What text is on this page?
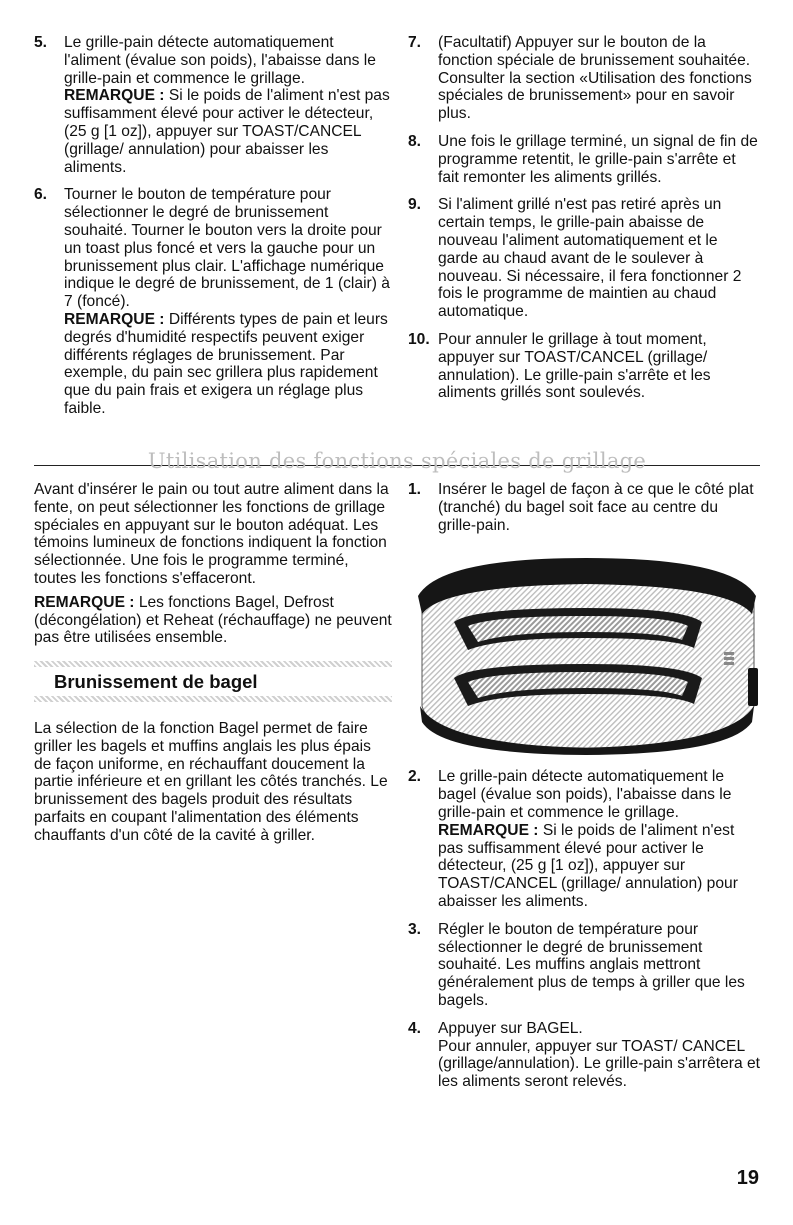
5.	Le grille-pain détecte automatiquement l'aliment (évalue son poids), l'abaisse dans le grille-pain et commence le grillage.

REMARQUE : Si le poids de l'aliment n'est pas suffisamment élevé pour activer le détecteur, (25 g [1 oz]), appuyer sur TOAST/CANCEL (grillage/ annulation) pour abaisser les aliments.

6.	Tourner le bouton de température pour sélectionner le degré de brunissement souhaité. Tourner le bouton vers la droite pour un toast plus foncé et vers la gauche pour un brunissement plus clair. L'affichage numérique indique le degré de brunissement, de 1 (clair) à 7 (foncé).

REMARQUE : Différents types de pain et leurs degrés d'humidité respectifs peuvent exiger différents réglages de brunissement. Par exemple, du pain sec grillera plus rapidement que du pain frais et exigera un réglage plus faible.

7.	(Facultatif) Appuyer sur le bouton de la fonction spéciale de brunissement souhaitée. Consulter la section «Utilisation des fonctions spéciales de brunissement» pour en savoir plus.

8.	Une fois le grillage terminé, un signal de fin de programme retentit, le grille-pain s'arrête et fait remonter les aliments grillés.

9.	Si l'aliment grillé n'est pas retiré après un certain temps, le grille-pain abaisse de nouveau l'aliment automatiquement et le garde au chaud avant de le soulever à nouveau. Si nécessaire, il fera fonctionner 2 fois le programme de maintien au chaud automatique.

10. Pour annuler le grillage à tout moment, appuyer sur TOAST/CANCEL (grillage/ annulation). Le grille-pain s'arrête et les aliments grillés sont soulevés.

Utilisation des fonctions spéciales de grillage

Avant d'insérer le pain ou tout autre aliment dans la fente, on peut sélectionner les fonctions de grillage spéciales en appuyant sur le bouton adéquat. Les témoins lumineux de fonctions indiquent la fonction sélectionnée. Une fois le programme terminé, toutes les fonctions s'effaceront.

REMARQUE : Les fonctions Bagel, Defrost (décongélation) et Reheat (réchauffage) ne peuvent pas être utilisées ensemble.

Brunissement de bagel

La sélection de la fonction Bagel permet de faire griller les bagels et muffins anglais les plus épais de façon uniforme, en réchauffant doucement la partie inférieure et en grillant les côtés tranchés. Le brunissement des bagels produit des résultats parfaits en coupant l'alimentation des éléments chauffants d'un côté de la cavité à griller.

1.	Insérer le bagel de façon à ce que le côté plat (tranché) du bagel soit face au centre du grille-pain.

2.	Le grille-pain détecte automatiquement le bagel (évalue son poids), l'abaisse dans le grille-pain et commence le grillage.

REMARQUE : Si le poids de l'aliment n'est pas suffisamment élevé pour activer le détecteur, (25 g [1 oz]), appuyer sur TOAST/CANCEL (grillage/ annulation) pour abaisser les aliments.

3.	Régler le bouton de température pour sélectionner le degré de brunissement souhaité. Les muffins anglais mettront généralement plus de temps à griller que les bagels.

4.	Appuyer sur BAGEL.

Pour annuler, appuyer sur TOAST/ CANCEL (grillage/annulation). Le grille-pain s'arrêtera et les aliments seront relevés.

19
